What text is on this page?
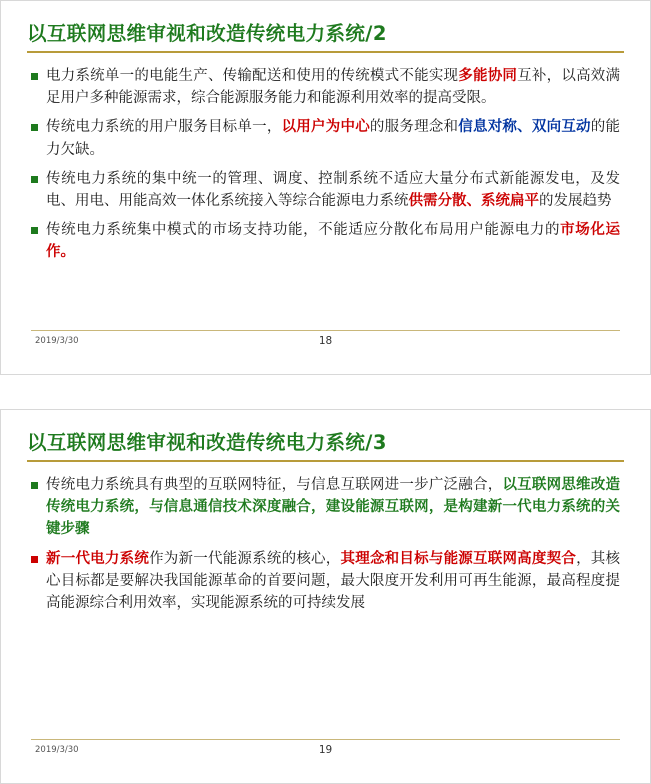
以互联网思维审视和改造传统电力系统/2
电力系统单一的电能生产、传输配送和使用的传统模式不能实现多能协同互补，以高效满足用户多种能源需求，综合能源服务能力和能源利用效率的提高受限。
传统电力系统的用户服务目标单一，以用户为中心的服务理念和信息对称、双向互动的能力欠缺。
传统电力系统的集中统一的管理、调度、控制系统不适应大量分布式新能源发电，及发电、用电、用能高效一体化系统接入等综合能源电力系统供需分散、系统扁平的发展趋势
传统电力系统集中模式的市场支持功能，不能适应分散化布局用户能源电力的市场化运作。
2019/3/30	18
以互联网思维审视和改造传统电力系统/3
传统电力系统具有典型的互联网特征，与信息互联网进一步广泛融合，以互联网思维改造传统电力系统，与信息通信技术深度融合，建设能源互联网，是构建新一代电力系统的关键步骤
新一代电力系统作为新一代能源系统的核心，其理念和目标与能源互联网高度契合，其核心目标都是要解决我国能源革命的首要问题，最大限度开发利用可再生能源，最高程度提高能源综合利用效率，实现能源系统的可持续发展
2019/3/30	19
